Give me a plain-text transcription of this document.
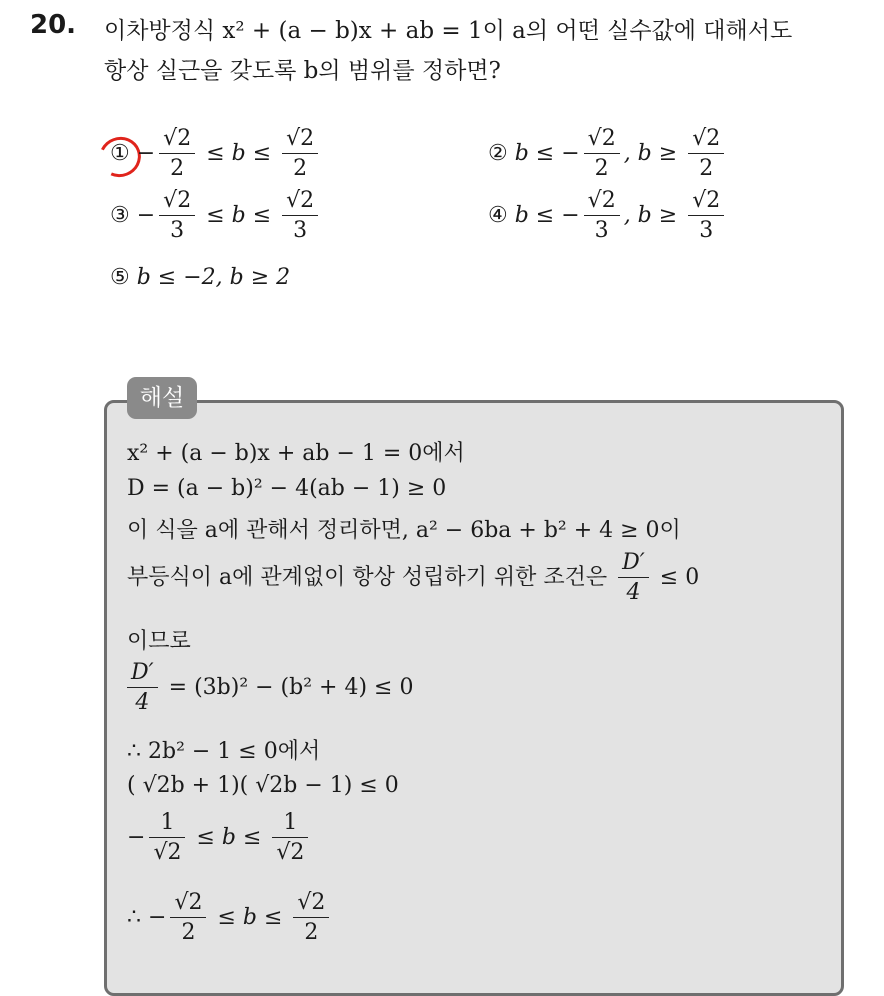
20. 이차방정식 x² + (a − b)x + ab = 1이 a의 어떤 실수값에 대해서도
항상 실근을 갖도록 b의 범위를 정하면?
① − $\frac{√2}{2} \le b \le \frac{√2}{2}$	② b ≤ − $\frac{√2}{2}$ , $b \ge \frac{√2}{2}$
③ − $\frac{√2}{3} \le b \le \frac{√2}{3}$	④ b ≤ − $\frac{√2}{3}$ , $b \ge \frac{√2}{3}$
⑤ b ≤ −2, b ≥ 2
해설
x² + (a − b)x + ab − 1 = 0에서
D = (a − b)² − 4(ab − 1) ≥ 0
이 식을 a에 관해서 정리하면, a² − 6ba + b² + 4 ≥ 0이
부등식이 a에 관계없이 항상 성립하기 위한 조건은 $\frac{D'}{4} \le 0$
이므로
$\frac{D'}{4} = (3b)^2 - (b^2 + 4) \le 0$
∴ 2b² − 1 ≤ 0에서
( √2b + 1)( √2b − 1) ≤ 0
− $\frac{1}{√2} \le b \le \frac{1}{√2}$
∴ − $\frac{√2}{2} \le b \le \frac{√2}{2}$
